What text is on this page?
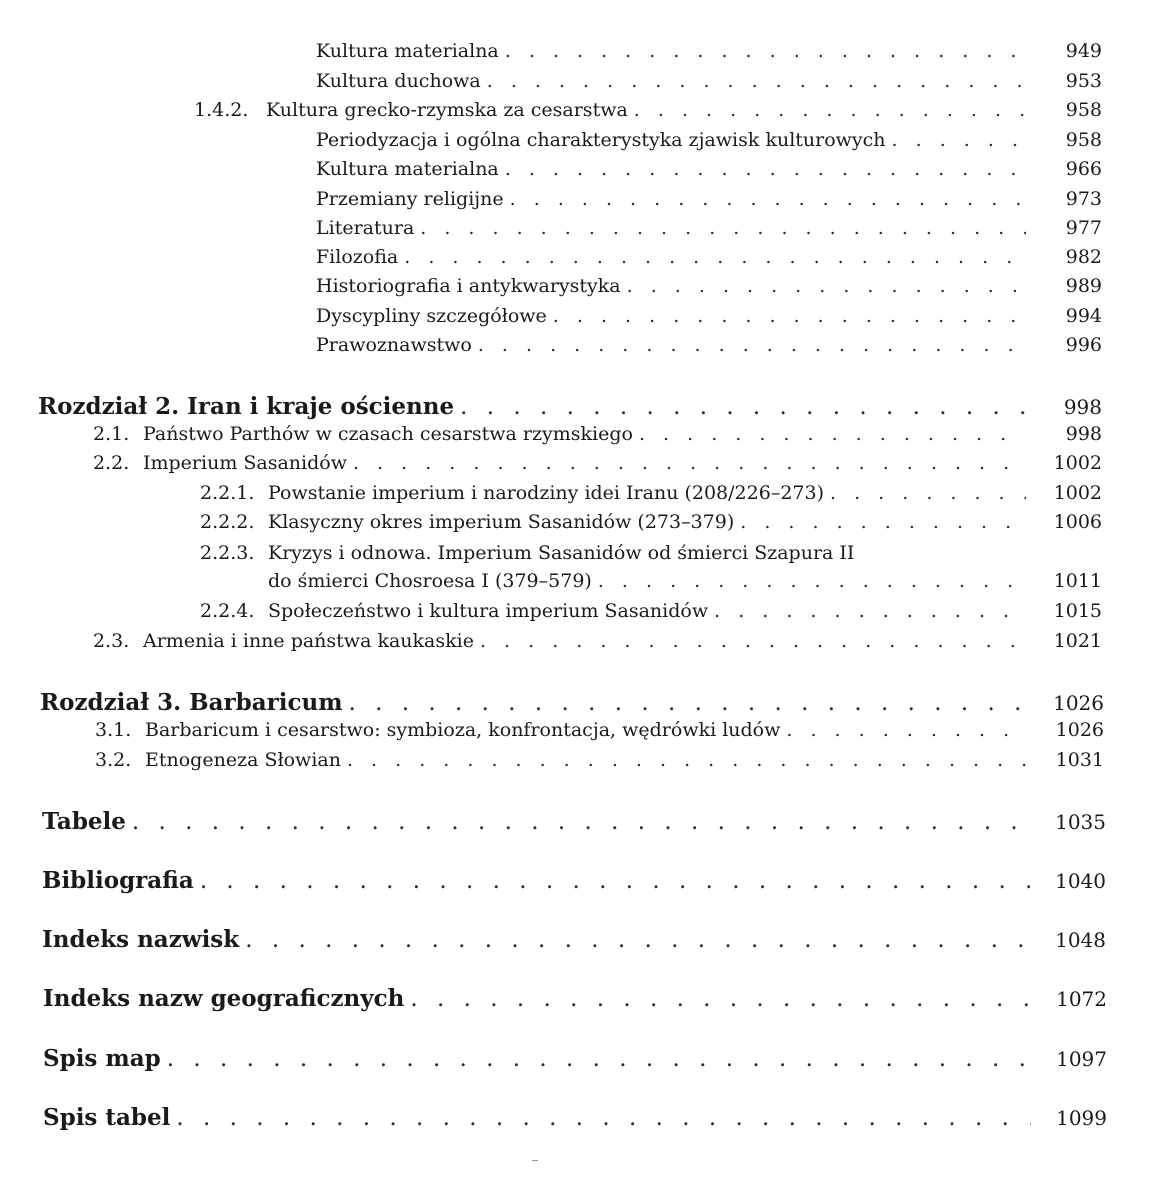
Kultura materialna . . .	949
Kultura duchowa . . .	953
1.4.2. Kultura grecko-rzymska za cesarstwa . . .	958
Periodyzacja i ogólna charakterystyka zjawisk kulturowych . . .	958
Kultura materialna . . .	966
Przemiany religijne . . .	973
Literatura . . .	977
Filozofia . . .	982
Historiografia i antykwarystyka . . .	989
Dyscypliny szczegółowe . . .	994
Prawoznawstwo . . .	996
Rozdział 2. Iran i kraje ościenne . . .	998
2.1. Państwo Parthów w czasach cesarstwa rzymskiego . . .	998
2.2. Imperium Sasanidów . . .	1002
2.2.1. Powstanie imperium i narodziny idei Iranu (208/226–273) . . .	1002
2.2.2. Klasyczny okres imperium Sasanidów (273–379) . . .	1006
2.2.3. Kryzys i odnowa. Imperium Sasanidów od śmierci Szapura II
do śmierci Chosroesa I (379–579) . . .	1011
2.2.4. Społeczeństwo i kultura imperium Sasanidów . . .	1015
2.3. Armenia i inne państwa kaukaskie . . .	1021
Rozdział 3. Barbaricum . . .	1026
3.1. Barbaricum i cesarstwo: symbioza, konfrontacja, wędrówki ludów . . .	1026
3.2. Etnogeneza Słowian . . .	1031
Tabele . . .	1035
Bibliografia . . .	1040
Indeks nazwisk . . .	1048
Indeks nazw geograficznych . . .	1072
Spis map . . .	1097
Spis tabel . . .	1099
